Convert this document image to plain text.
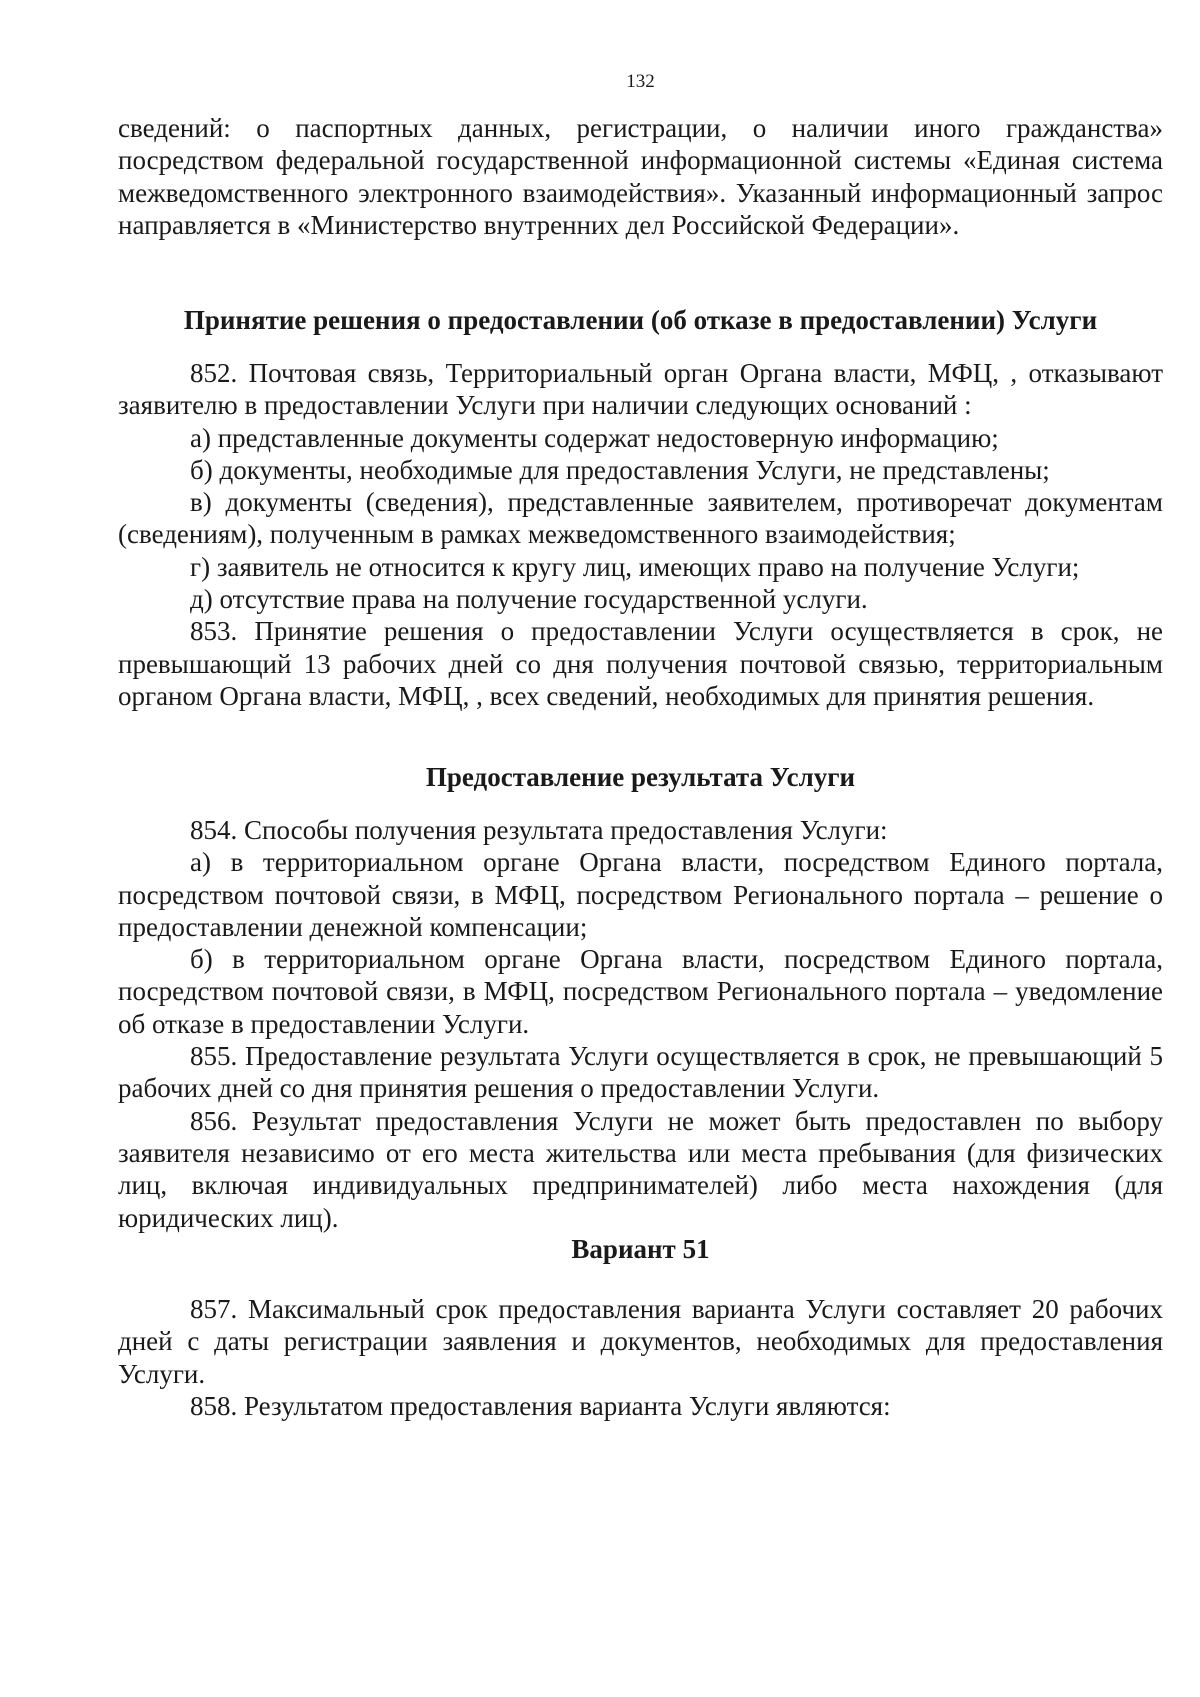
132

сведений: о паспортных данных, регистрации, о наличии иного гражданства» посредством федеральной государственной информационной системы «Единая система межведомственного электронного взаимодействия». Указанный информационный запрос направляется в «Министерство внутренних дел Российской Федерации».

Принятие решения о предоставлении (об отказе в предоставлении) Услуги

852. Почтовая связь, Территориальный орган Органа власти, МФЦ, , отказывают заявителю в предоставлении Услуги при наличии следующих оснований :

а) представленные документы содержат недостоверную информацию;

б) документы, необходимые для предоставления Услуги, не представлены;

в) документы (сведения), представленные заявителем, противоречат документам (сведениям), полученным в рамках межведомственного взаимодействия;

г) заявитель не относится к кругу лиц, имеющих право на получение Услуги;

д) отсутствие права на получение государственной услуги.

853. Принятие решения о предоставлении Услуги осуществляется в срок, не превышающий 13 рабочих дней со дня получения почтовой связью, территориальным органом Органа власти, МФЦ, , всех сведений, необходимых для принятия решения.

Предоставление результата Услуги

854. Способы получения результата предоставления Услуги:

а) в территориальном органе Органа власти, посредством Единого портала, посредством почтовой связи, в МФЦ, посредством Регионального портала – решение о предоставлении денежной компенсации;

б) в территориальном органе Органа власти, посредством Единого портала, посредством почтовой связи, в МФЦ, посредством Регионального портала – уведомление об отказе в предоставлении Услуги.

855. Предоставление результата Услуги осуществляется в срок, не превышающий 5 рабочих дней со дня принятия решения о предоставлении Услуги.

856. Результат предоставления Услуги не может быть предоставлен по выбору заявителя независимо от его места жительства или места пребывания (для физических лиц, включая индивидуальных предпринимателей) либо места нахождения (для юридических лиц).

Вариант 51

857. Максимальный срок предоставления варианта Услуги составляет 20 рабочих дней с даты регистрации заявления и документов, необходимых для предоставления Услуги.

858. Результатом предоставления варианта Услуги являются:
